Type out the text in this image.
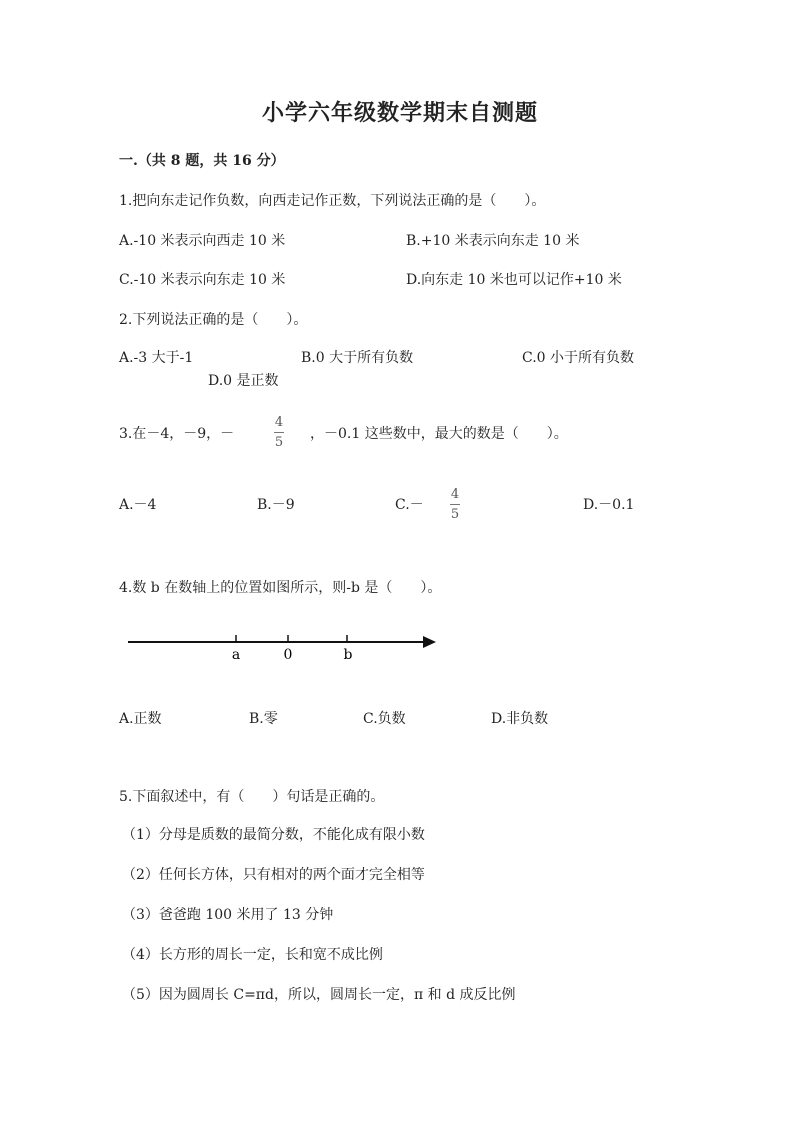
小学六年级数学期末自测题
一.（共 8 题，共 16 分）
1.把向东走记作负数，向西走记作正数，下列说法正确的是（　　）。
A.-10 米表示向西走 10 米	B.+10 米表示向东走 10 米
C.-10 米表示向东走 10 米	D.向东走 10 米也可以记作+10 米
2.下列说法正确的是（　　）。
A.-3 大于-1	B.0 大于所有负数	C.0 小于所有负数
D.0 是正数
3.在－4，－9，－
4
5
，－0.1 这些数中，最大的数是（　　）。
A.－4	B.－9	C.－
4
5
D.－0.1
4.数 b 在数轴上的位置如图所示，则-b 是（　　）。
a	0	b
A.正数	B.零	C.负数	D.非负数
5.下面叙述中，有（　　）句话是正确的。
（1）分母是质数的最简分数，不能化成有限小数
（2）任何长方体，只有相对的两个面才完全相等
（3）爸爸跑 100 米用了 13 分钟
（4）长方形的周长一定，长和宽不成比例
（5）因为圆周长 C=πd，所以，圆周长一定，π 和 d 成反比例
